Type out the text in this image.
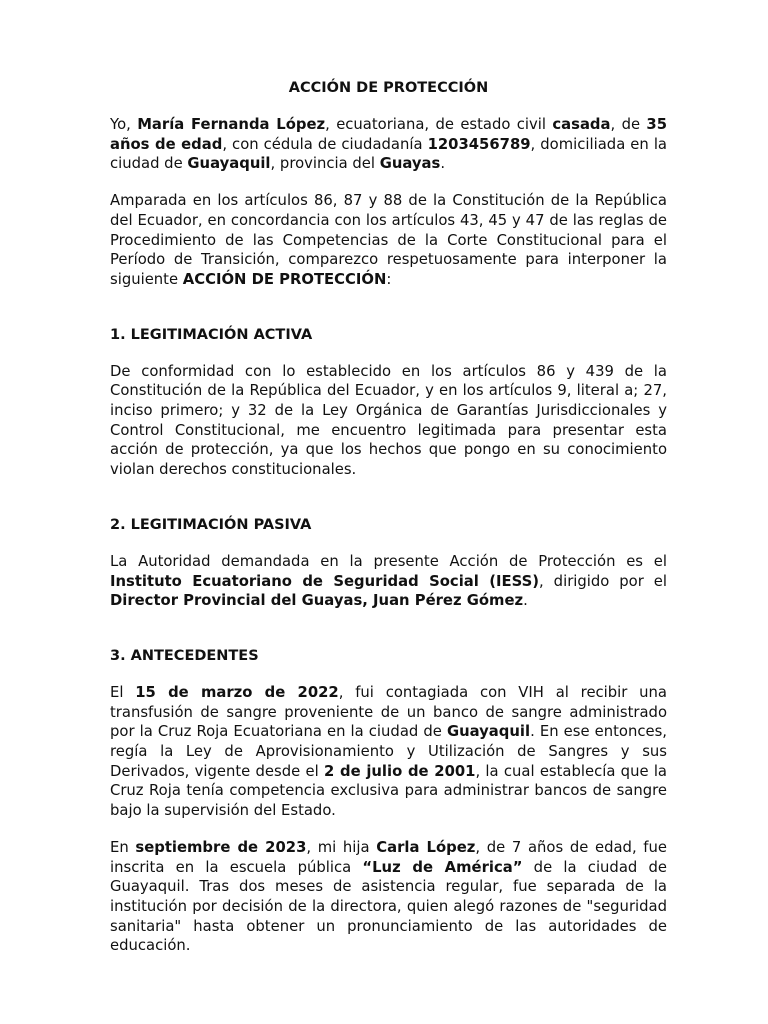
ACCIÓN DE PROTECCIÓN

Yo, María Fernanda López, ecuatoriana, de estado civil casada, de 35 años de edad, con cédula de ciudadanía 1203456789, domiciliada en la ciudad de Guayaquil, provincia del Guayas.

Amparada en los artículos 86, 87 y 88 de la Constitución de la República del Ecuador, en concordancia con los artículos 43, 45 y 47 de las reglas de Procedimiento de las Competencias de la Corte Constitucional para el Período de Transición, comparezco respetuosamente para interponer la siguiente ACCIÓN DE PROTECCIÓN:

1. LEGITIMACIÓN ACTIVA

De conformidad con lo establecido en los artículos 86 y 439 de la Constitución de la República del Ecuador, y en los artículos 9, literal a; 27, inciso primero; y 32 de la Ley Orgánica de Garantías Jurisdiccionales y Control Constitucional, me encuentro legitimada para presentar esta acción de protección, ya que los hechos que pongo en su conocimiento violan derechos constitucionales.

2. LEGITIMACIÓN PASIVA

La Autoridad demandada en la presente Acción de Protección es el Instituto Ecuatoriano de Seguridad Social (IESS), dirigido por el Director Provincial del Guayas, Juan Pérez Gómez.

3. ANTECEDENTES

El 15 de marzo de 2022, fui contagiada con VIH al recibir una transfusión de sangre proveniente de un banco de sangre administrado por la Cruz Roja Ecuatoriana en la ciudad de Guayaquil. En ese entonces, regía la Ley de Aprovisionamiento y Utilización de Sangres y sus Derivados, vigente desde el 2 de julio de 2001, la cual establecía que la Cruz Roja tenía competencia exclusiva para administrar bancos de sangre bajo la supervisión del Estado.

En septiembre de 2023, mi hija Carla López, de 7 años de edad, fue inscrita en la escuela pública “Luz de América” de la ciudad de Guayaquil. Tras dos meses de asistencia regular, fue separada de la institución por decisión de la directora, quien alegó razones de "seguridad sanitaria" hasta obtener un pronunciamiento de las autoridades de educación.
